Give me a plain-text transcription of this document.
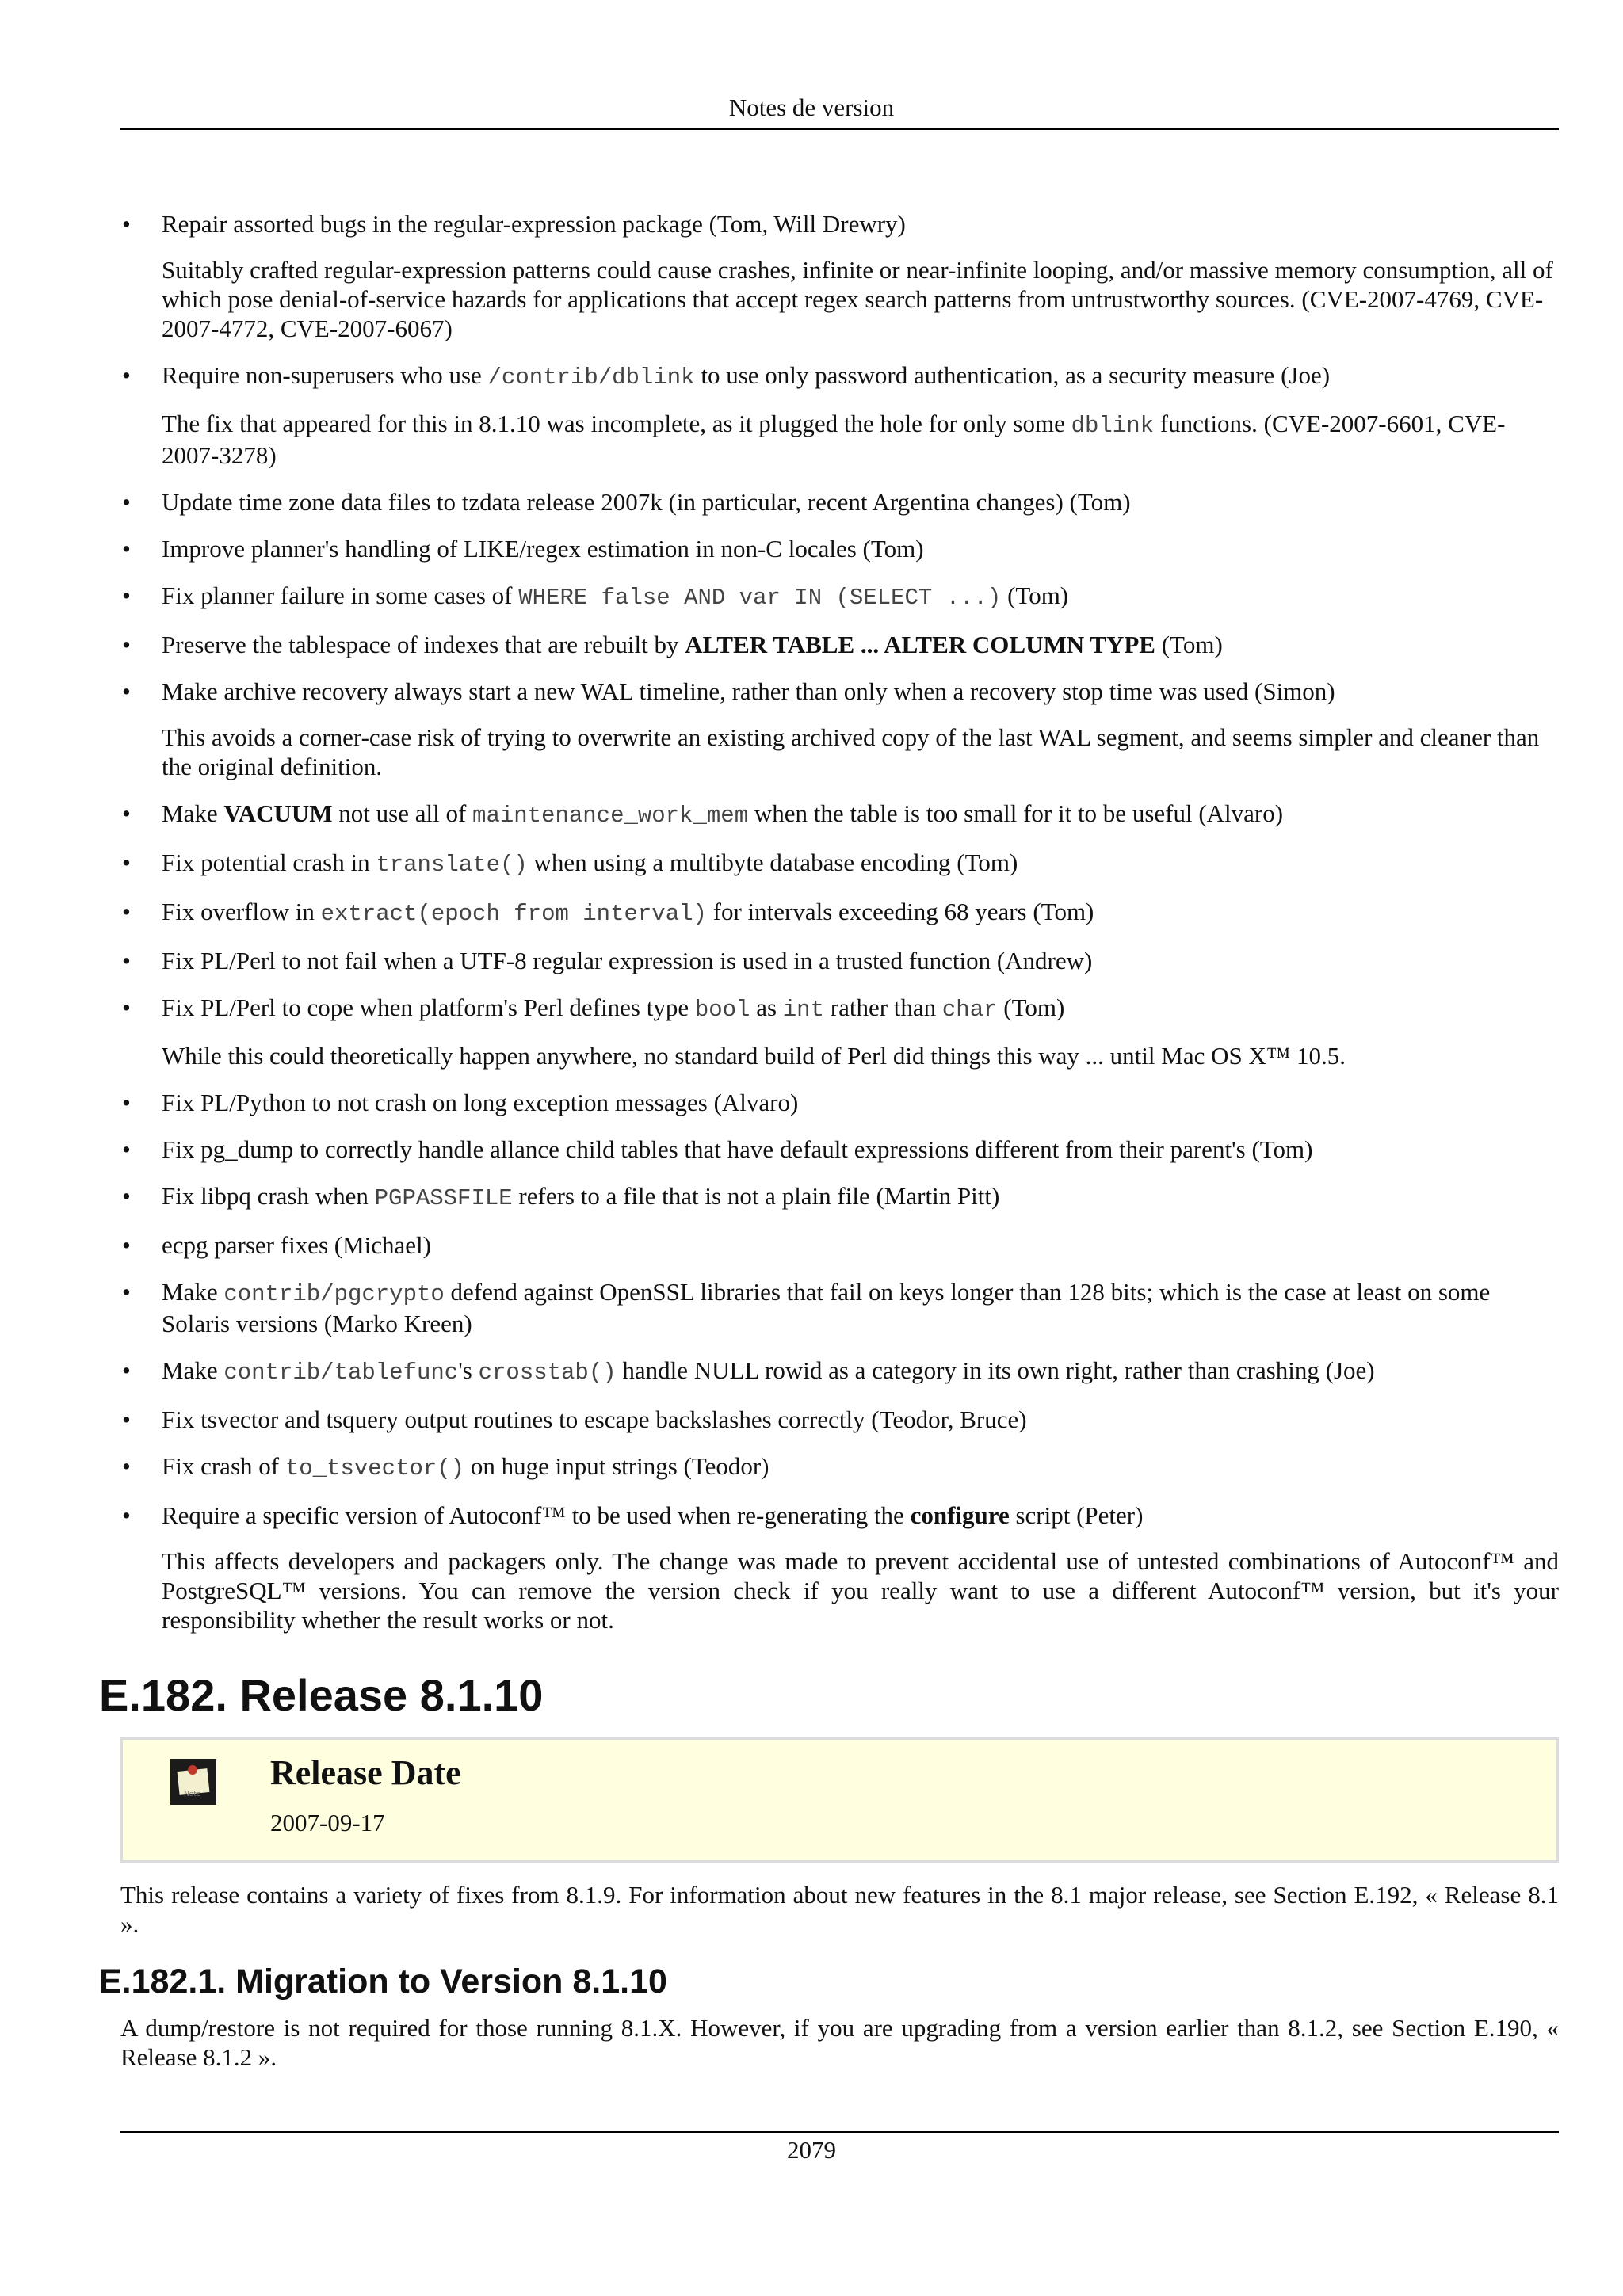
Notes de version
• Repair assorted bugs in the regular-expression package (Tom, Will Drewry)

Suitably crafted regular-expression patterns could cause crashes, infinite or near-infinite looping, and/or massive memory consumption, all of which pose denial-of-service hazards for applications that accept regex search patterns from untrustworthy sources. (CVE-2007-4769, CVE-2007-4772, CVE-2007-6067)

• Require non-superusers who use /contrib/dblink to use only password authentication, as a security measure (Joe)

The fix that appeared for this in 8.1.10 was incomplete, as it plugged the hole for only some dblink functions. (CVE-2007-6601, CVE-2007-3278)

• Update time zone data files to tzdata release 2007k (in particular, recent Argentina changes) (Tom)

• Improve planner's handling of LIKE/regex estimation in non-C locales (Tom)

• Fix planner failure in some cases of WHERE false AND var IN (SELECT ...) (Tom)

• Preserve the tablespace of indexes that are rebuilt by ALTER TABLE ... ALTER COLUMN TYPE (Tom)

• Make archive recovery always start a new WAL timeline, rather than only when a recovery stop time was used (Simon)

This avoids a corner-case risk of trying to overwrite an existing archived copy of the last WAL segment, and seems simpler and cleaner than the original definition.

• Make VACUUM not use all of maintenance_work_mem when the table is too small for it to be useful (Alvaro)

• Fix potential crash in translate() when using a multibyte database encoding (Tom)

• Fix overflow in extract(epoch from interval) for intervals exceeding 68 years (Tom)

• Fix PL/Perl to not fail when a UTF-8 regular expression is used in a trusted function (Andrew)

• Fix PL/Perl to cope when platform's Perl defines type bool as int rather than char (Tom)

While this could theoretically happen anywhere, no standard build of Perl did things this way ... until Mac OS X™ 10.5.

• Fix PL/Python to not crash on long exception messages (Alvaro)

• Fix pg_dump to correctly handle allance child tables that have default expressions different from their parent's (Tom)

• Fix libpq crash when PGPASSFILE refers to a file that is not a plain file (Martin Pitt)

• ecpg parser fixes (Michael)

• Make contrib/pgcrypto defend against OpenSSL libraries that fail on keys longer than 128 bits; which is the case at least on some Solaris versions (Marko Kreen)

• Make contrib/tablefunc's crosstab() handle NULL rowid as a category in its own right, rather than crashing (Joe)

• Fix tsvector and tsquery output routines to escape backslashes correctly (Teodor, Bruce)

• Fix crash of to_tsvector() on huge input strings (Teodor)

• Require a specific version of Autoconf™ to be used when re-generating the configure script (Peter)

This affects developers and packagers only. The change was made to prevent accidental use of untested combinations of Autoconf™ and PostgreSQL™ versions. You can remove the version check if you really want to use a different Autoconf™ version, but it's your responsibility whether the result works or not.

E.182. Release 8.1.10
Note
Release Date
2007-09-17

This release contains a variety of fixes from 8.1.9. For information about new features in the 8.1 major release, see Section E.192, « Release 8.1 ».

E.182.1. Migration to Version 8.1.10

A dump/restore is not required for those running 8.1.X. However, if you are upgrading from a version earlier than 8.1.2, see Section E.190, « Release 8.1.2 ».

2079
